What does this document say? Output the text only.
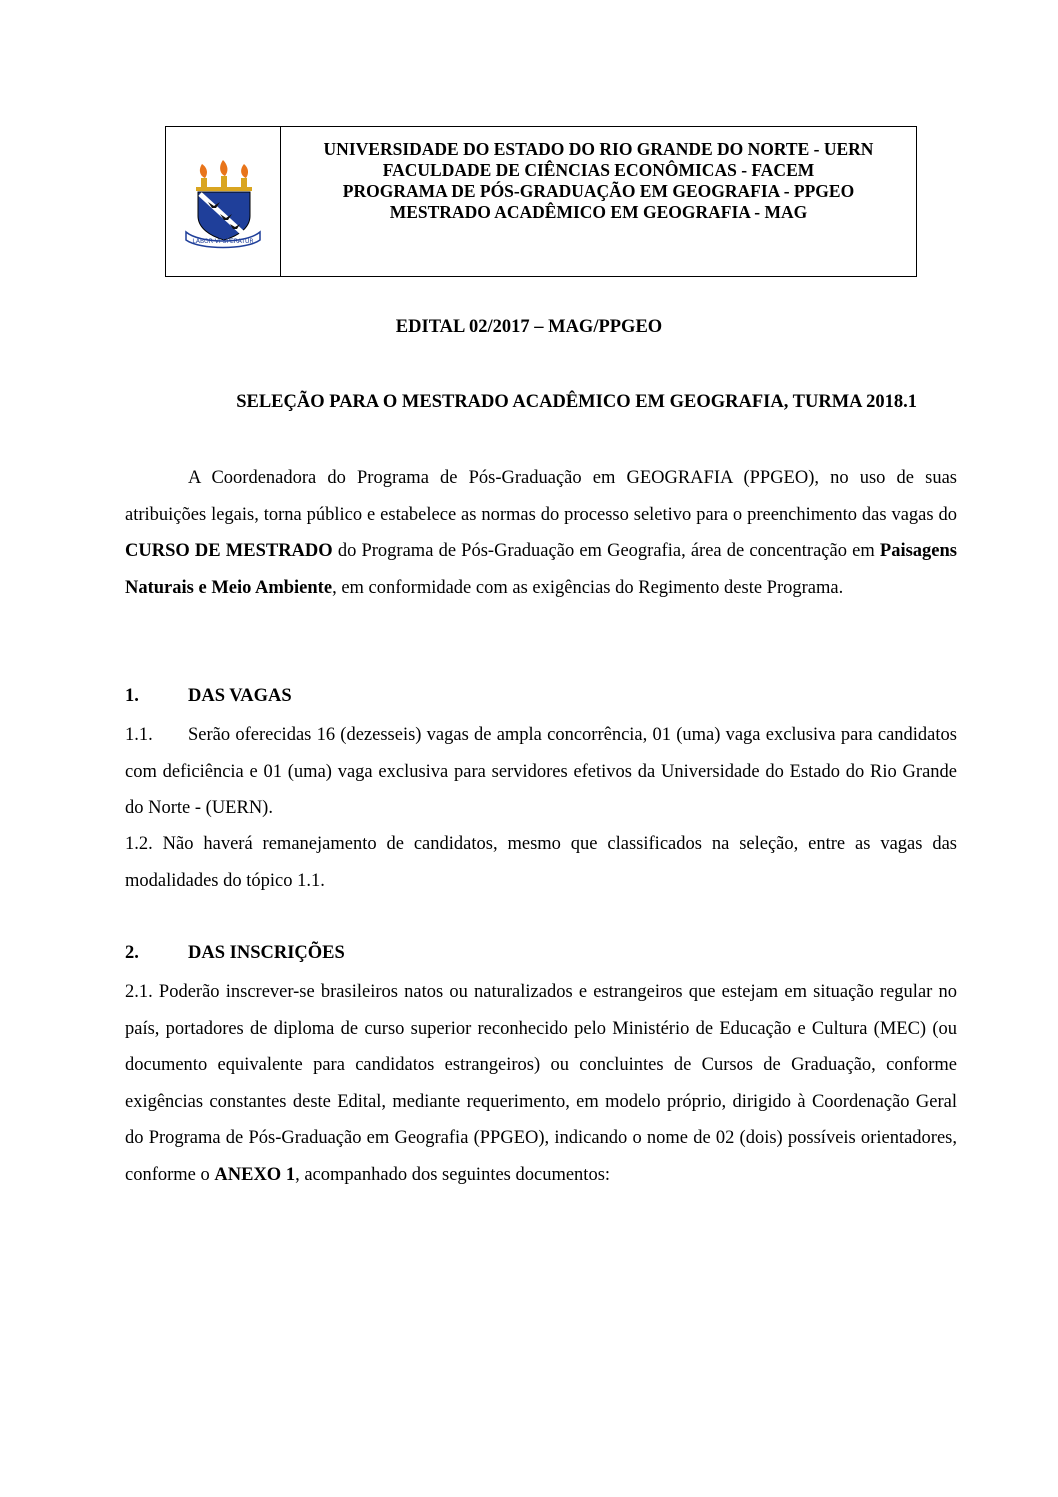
LABOR VI SPERATUR
UNIVERSIDADE DO ESTADO DO RIO GRANDE DO NORTE - UERN
FACULDADE DE CIÊNCIAS ECONÔMICAS - FACEM
PROGRAMA DE PÓS-GRADUAÇÃO EM GEOGRAFIA - PPGEO
MESTRADO ACADÊMICO EM GEOGRAFIA - MAG
EDITAL 02/2017 – MAG/PPGEO
SELEÇÃO PARA O MESTRADO ACADÊMICO EM GEOGRAFIA, TURMA 2018.1
A Coordenadora do Programa de Pós-Graduação em GEOGRAFIA (PPGEO), no uso de suas atribuições legais, torna público e estabelece as normas do processo seletivo para o preenchimento das vagas do CURSO DE MESTRADO do Programa de Pós-Graduação em Geografia, área de concentração em Paisagens Naturais e Meio Ambiente, em conformidade com as exigências do Regimento deste Programa.
1.	DAS VAGAS
1.1. Serão oferecidas 16 (dezesseis) vagas de ampla concorrência, 01 (uma) vaga exclusiva para candidatos com deficiência e 01 (uma) vaga exclusiva para servidores efetivos da Universidade do Estado do Rio Grande do Norte - (UERN).
1.2. Não haverá remanejamento de candidatos, mesmo que classificados na seleção, entre as vagas das modalidades do tópico 1.1.
2.	DAS INSCRIÇÕES
2.1. Poderão inscrever-se brasileiros natos ou naturalizados e estrangeiros que estejam em situação regular no país, portadores de diploma de curso superior reconhecido pelo Ministério de Educação e Cultura (MEC) (ou documento equivalente para candidatos estrangeiros) ou concluintes de Cursos de Graduação, conforme exigências constantes deste Edital, mediante requerimento, em modelo próprio, dirigido à Coordenação Geral do Programa de Pós-Graduação em Geografia (PPGEO), indicando o nome de 02 (dois) possíveis orientadores, conforme o ANEXO 1, acompanhado dos seguintes documentos:
